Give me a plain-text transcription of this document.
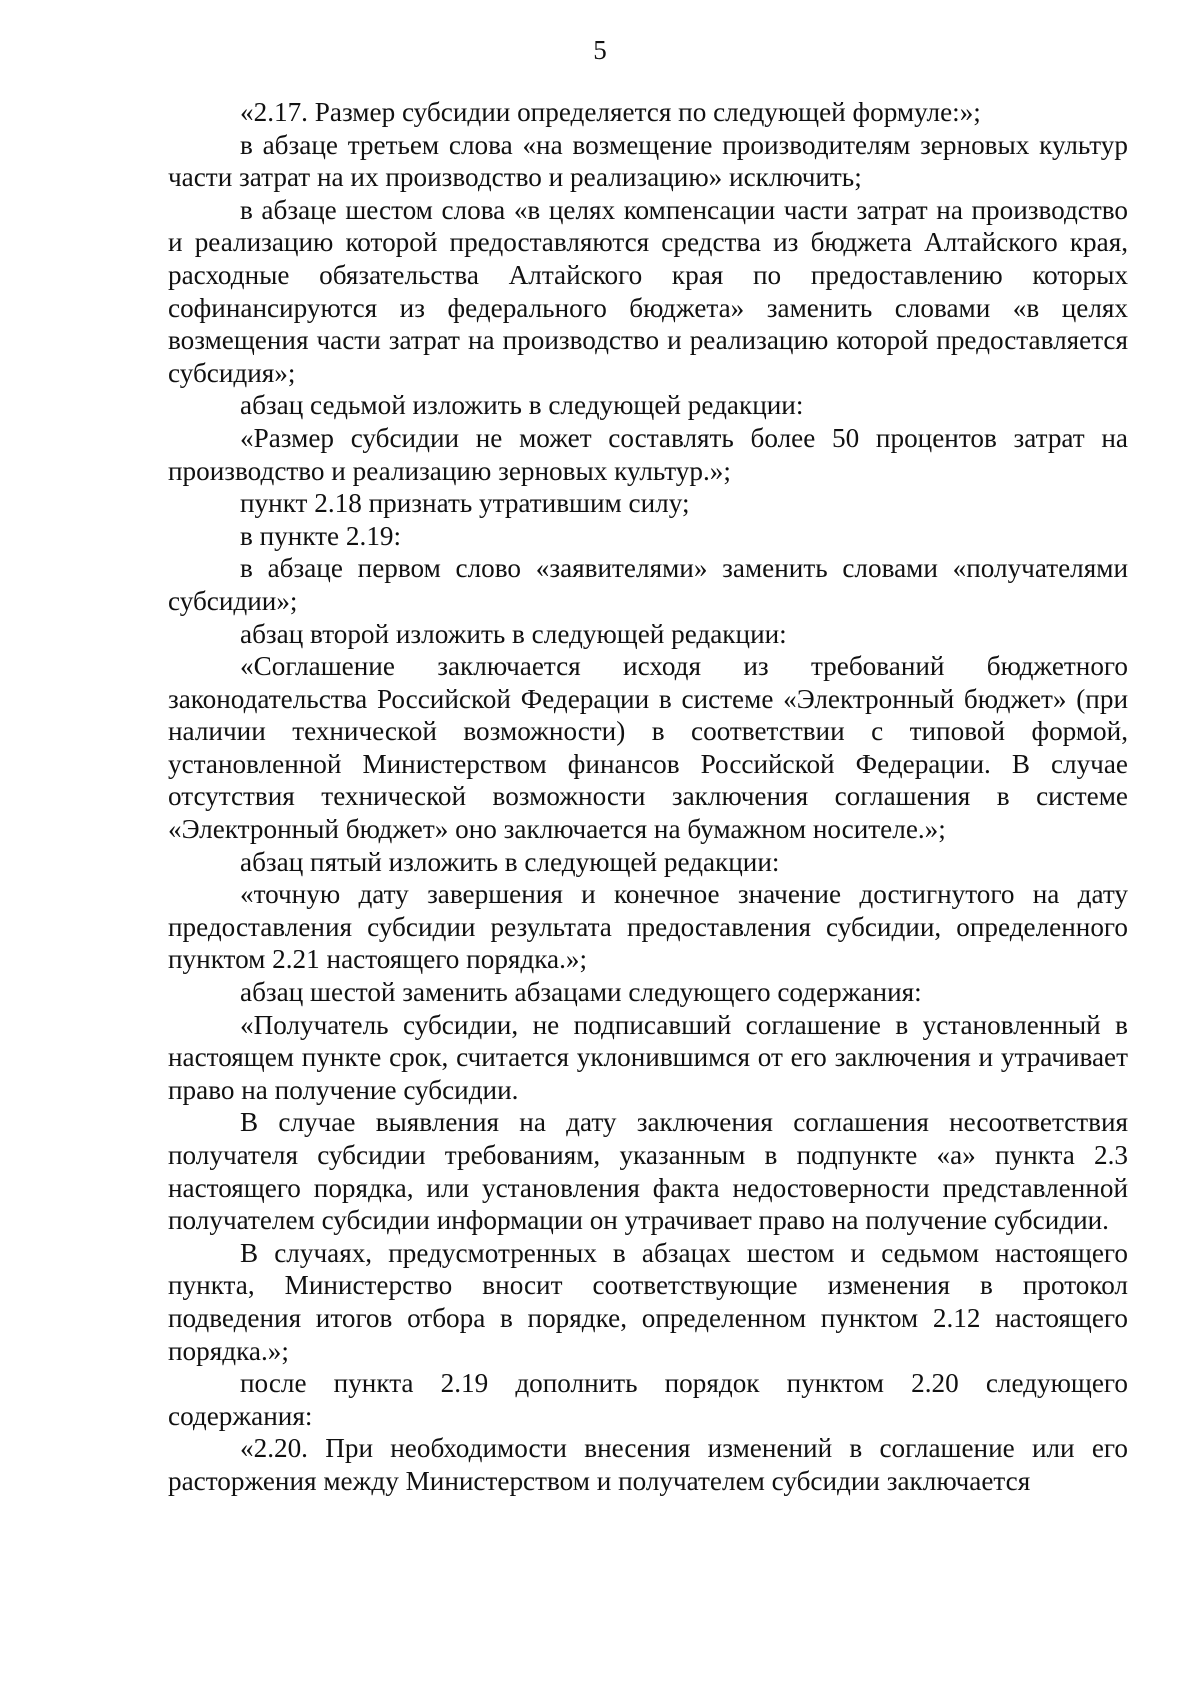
5

«2.17. Размер субсидии определяется по следующей формуле:»;

в абзаце третьем слова «на возмещение производителям зерновых культур части затрат на их производство и реализацию» исключить;

в абзаце шестом слова «в целях компенсации части затрат на производство и реализацию которой предоставляются средства из бюджета Алтайского края, расходные обязательства Алтайского края по предоставлению которых софинансируются из федерального бюджета» заменить словами «в целях возмещения части затрат на производство и реализацию которой предоставляется субсидия»;

абзац седьмой изложить в следующей редакции:

«Размер субсидии не может составлять более 50 процентов затрат на производство и реализацию зерновых культур.»;

пункт 2.18 признать утратившим силу;

в пункте 2.19:

в абзаце первом слово «заявителями» заменить словами «получателями субсидии»;

абзац второй изложить в следующей редакции:

«Соглашение заключается исходя из требований бюджетного законодательства Российской Федерации в системе «Электронный бюджет» (при наличии технической возможности) в соответствии с типовой формой, установленной Министерством финансов Российской Федерации. В случае отсутствия технической возможности заключения соглашения в системе «Электронный бюджет» оно заключается на бумажном носителе.»;

абзац пятый изложить в следующей редакции:

«точную дату завершения и конечное значение достигнутого на дату предоставления субсидии результата предоставления субсидии, определенного пунктом 2.21 настоящего порядка.»;

абзац шестой заменить абзацами следующего содержания:

«Получатель субсидии, не подписавший соглашение в установленный в настоящем пункте срок, считается уклонившимся от его заключения и утрачивает право на получение субсидии.

В случае выявления на дату заключения соглашения несоответствия получателя субсидии требованиям, указанным в подпункте «а» пункта 2.3 настоящего порядка, или установления факта недостоверности представленной получателем субсидии информации он утрачивает право на получение субсидии.

В случаях, предусмотренных в абзацах шестом и седьмом настоящего пункта, Министерство вносит соответствующие изменения в протокол подведения итогов отбора в порядке, определенном пунктом 2.12 настоящего порядка.»;

после пункта 2.19 дополнить порядок пунктом 2.20 следующего содержания:

«2.20. При необходимости внесения изменений в соглашение или его расторжения между Министерством и получателем субсидии заключается
